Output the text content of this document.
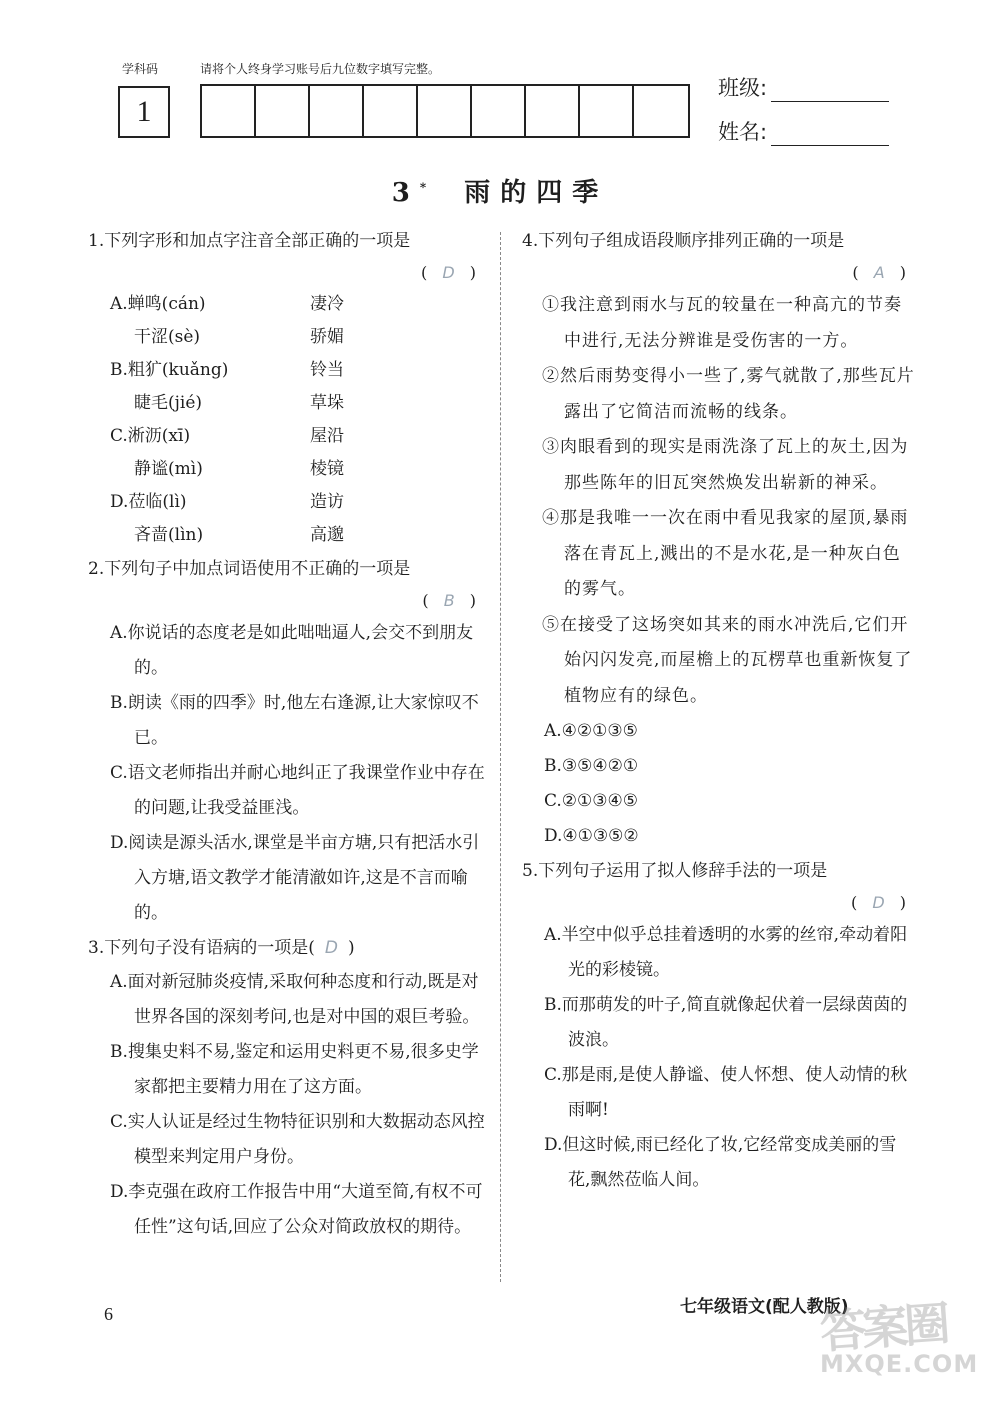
学科码	请将个人终身学习账号后九位数字填写完整。
1
班级:
姓名:
3* 雨的四季

1.下列字形和加点字注音全部正确的一项是

( D )
A.蝉鸣(cán)	凄冷
干涩(sè)	骄媚
B.粗犷(kuǎng)	铃当
睫毛(jié)	草垛
C.淅沥(xī)	屋沿
静谧(mì)	棱镜
D.莅临(lì)	造访
吝啬(lìn)	高邈

2.下列句子中加点词语使用不正确的一项是

( B )
A.你说话的态度老是如此咄咄逼人,会交不到朋友的。
B.朗读《雨的四季》时,他左右逢源,让大家惊叹不已。
C.语文老师指出并耐心地纠正了我课堂作业中存在的问题,让我受益匪浅。
D.阅读是源头活水,课堂是半亩方塘,只有把活水引入方塘,语文教学才能清澈如许,这是不言而喻的。

3.下列句子没有语病的一项是( D )

A.面对新冠肺炎疫情,采取何种态度和行动,既是对世界各国的深刻考问,也是对中国的艰巨考验。
B.搜集史料不易,鉴定和运用史料更不易,很多史学家都把主要精力用在了这方面。
C.实人认证是经过生物特征识别和大数据动态风控模型来判定用户身份。
D.李克强在政府工作报告中用“大道至简,有权不可任性”这句话,回应了公众对简政放权的期待。

4.下列句子组成语段顺序排列正确的一项是

( A )
①我注意到雨水与瓦的较量在一种高亢的节奏中进行,无法分辨谁是受伤害的一方。
②然后雨势变得小一些了,雾气就散了,那些瓦片露出了它简洁而流畅的线条。
③肉眼看到的现实是雨洗涤了瓦上的灰土,因为那些陈年的旧瓦突然焕发出崭新的神采。
④那是我唯一一次在雨中看见我家的屋顶,暴雨落在青瓦上,溅出的不是水花,是一种灰白色的雾气。
⑤在接受了这场突如其来的雨水冲洗后,它们开始闪闪发亮,而屋檐上的瓦楞草也重新恢复了植物应有的绿色。
A.④②①③⑤
B.③⑤④②①
C.②①③④⑤
D.④①③⑤②

5.下列句子运用了拟人修辞手法的一项是

( D )
A.半空中似乎总挂着透明的水雾的丝帘,牵动着阳光的彩棱镜。
B.而那萌发的叶子,简直就像起伏着一层绿茵茵的波浪。
C.那是雨,是使人静谧、使人怀想、使人动情的秋雨啊!
D.但这时候,雨已经化了妆,它经常变成美丽的雪花,飘然莅临人间。
6	七年级语文(配人教版)
答案圈
MXQE.COM
